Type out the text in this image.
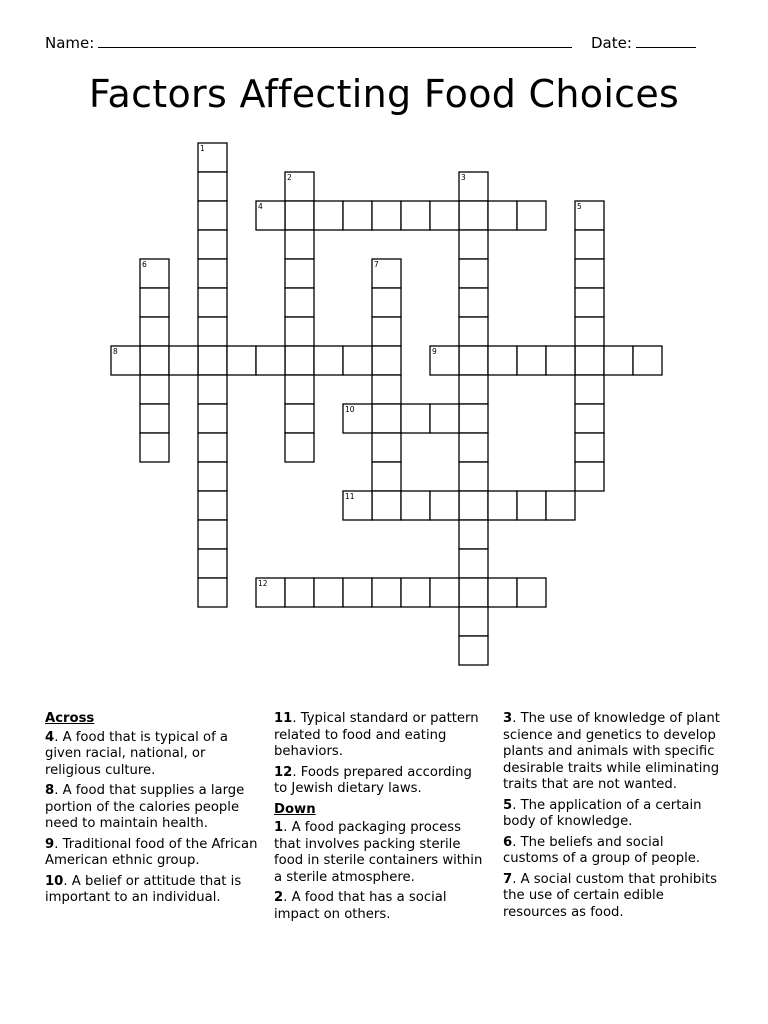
Name:	Date:
Factors Affecting Food Choices
1
2	3
4	5
6	7
8	9
10
11
12
Across
4. A food that is typical of a given racial, national, or religious culture.
8. A food that supplies a large portion of the calories people need to maintain health.
9. Traditional food of the African American ethnic group.
10. A belief or attitude that is important to an individual.
11. Typical standard or pattern related to food and eating behaviors.
12. Foods prepared according to Jewish dietary laws.
Down
1. A food packaging process that involves packing sterile food in sterile containers within a sterile atmosphere.
2. A food that has a social impact on others.
3. The use of knowledge of plant science and genetics to develop plants and animals with specific desirable traits while eliminating traits that are not wanted.
5. The application of a certain body of knowledge.
6. The beliefs and social customs of a group of people.
7. A social custom that prohibits the use of certain edible resources as food.
